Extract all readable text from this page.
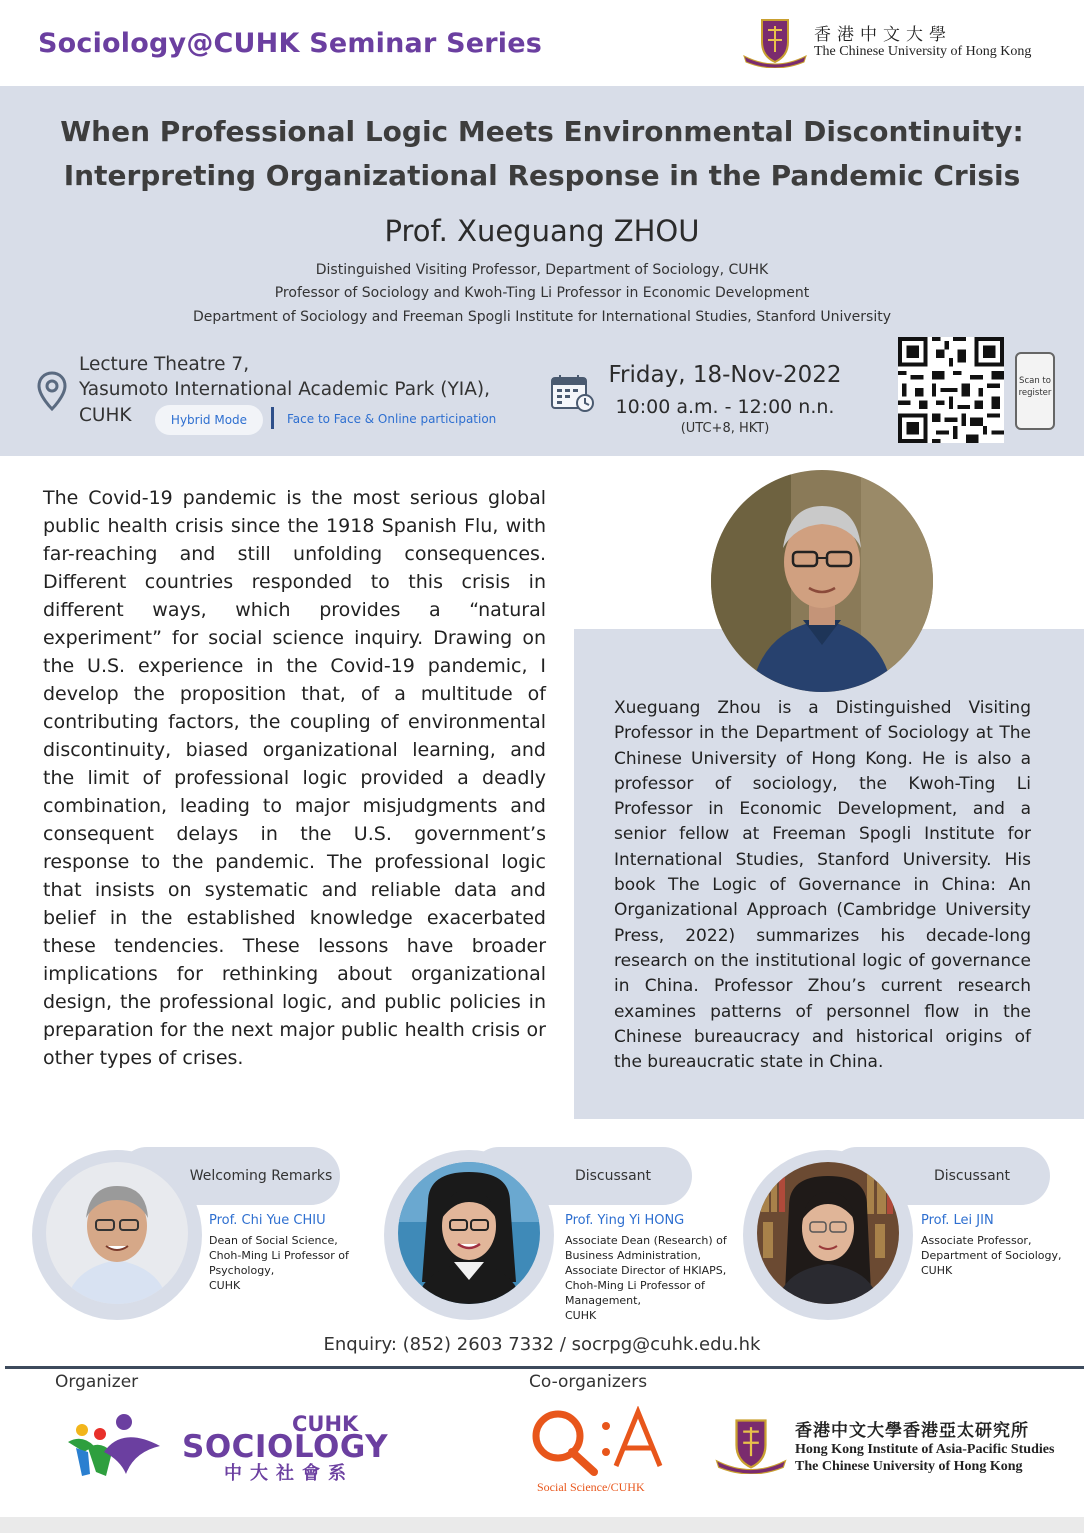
Sociology@CUHK Seminar Series	香港中文大學
The Chinese University of Hong Kong
When Professional Logic Meets Environmental Discontinuity:
Interpreting Organizational Response in the Pandemic Crisis
Prof. Xueguang ZHOU
Distinguished Visiting Professor, Department of Sociology, CUHK
Professor of Sociology and Kwoh-Ting Li Professor in Economic Development
Department of Sociology and Freeman Spogli Institute for International Studies, Stanford University
Lecture Theatre 7,
Yasumoto International Academic Park (YIA),
CUHK	Hybrid Mode	Face to Face & Online participation
Friday, 18-Nov-2022
10:00 a.m. - 12:00 n.n.
(UTC+8, HKT)
Scan to
register
The Covid-19 pandemic is the most serious global public health crisis since the 1918 Spanish Flu, with far-reaching and still unfolding consequences. Different countries responded to this crisis in different ways, which provides a “natural experiment” for social science inquiry. Drawing on the U.S. experience in the Covid-19 pandemic, I develop the proposition that, of a multitude of contributing factors, the coupling of environmental discontinuity, biased organizational learning, and the limit of professional logic provided a deadly combination, leading to major misjudgments and consequent delays in the U.S. government’s response to the pandemic. The professional logic that insists on systematic and reliable data and belief in the established knowledge exacerbated these tendencies. These lessons have broader implications for rethinking about organizational design, the professional logic, and public policies in preparation for the next major public health crisis or other types of crises.
Xueguang Zhou is a Distinguished Visiting Professor in the Department of Sociology at The Chinese University of Hong Kong. He is also a professor of sociology, the Kwoh-Ting Li Professor in Economic Development, and a senior fellow at Freeman Spogli Institute for International Studies, Stanford University. His book The Logic of Governance in China: An Organizational Approach (Cambridge University Press, 2022) summarizes his decade-long research on the institutional logic of governance in China. Professor Zhou’s current research examines patterns of personnel flow in the Chinese bureaucracy and historical origins of the bureaucratic state in China.
Welcoming Remarks
Prof. Chi Yue CHIU
Dean of Social Science,
Choh-Ming Li Professor of
Psychology,
CUHK
Discussant
Prof. Ying Yi HONG
Associate Dean (Research) of
Business Administration,
Associate Director of HKIAPS,
Choh-Ming Li Professor of
Management,
CUHK
Discussant
Prof. Lei JIN
Associate Professor,
Department of Sociology,
CUHK
Enquiry: (852) 2603 7332 / socrpg@cuhk.edu.hk
Organizer	Co-organizers
CUHK
SOCIOLOGY
中大社會系
Social Science/CUHK
香港中文大學香港亞太研究所
Hong Kong Institute of Asia-Pacific Studies
The Chinese University of Hong Kong
